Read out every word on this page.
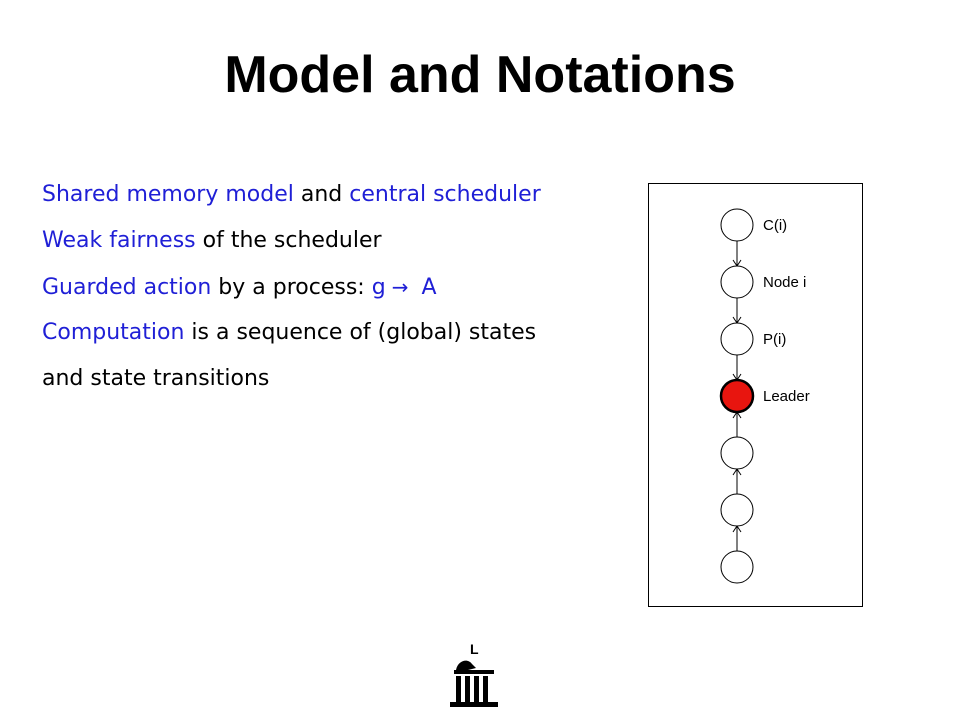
Model and Notations
Shared memory model and central scheduler
Weak fairness of the scheduler
Guarded action by a process: g → A
Computation is a sequence of (global) states
and state transitions
C(i)
Node i
P(i)
Leader
L
